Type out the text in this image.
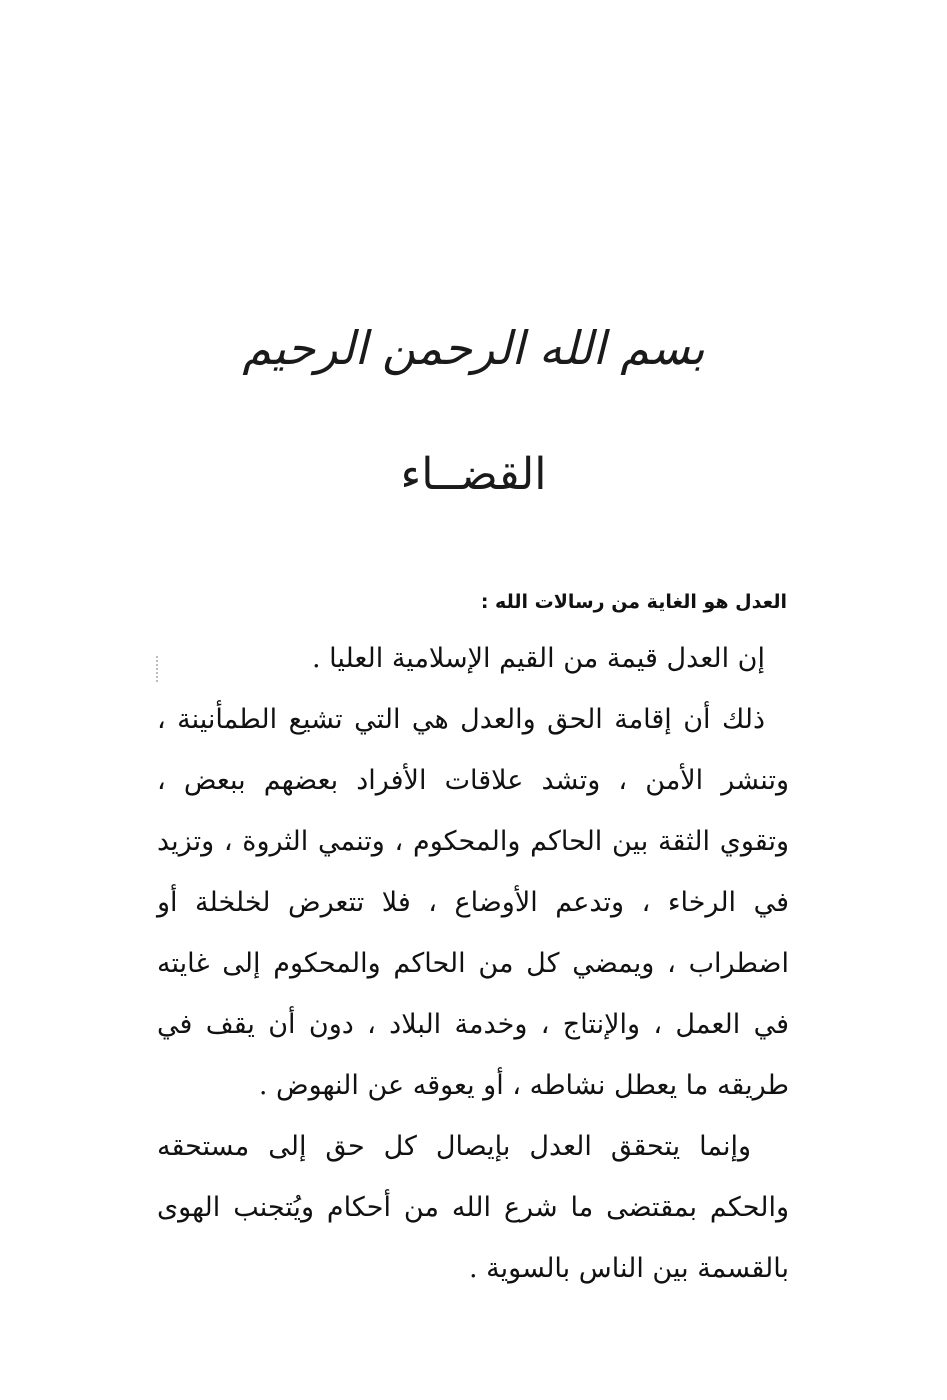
بسم الله الرحمن الرحيم
القضــاء
العدل هو الغاية من رسالات الله :

إن العدل قيمة من القيم الإسلامية العليا .

ذلك أن إقامة الحق والعدل هي التي تشيع الطمأنينة ، وتنشر الأمن ، وتشد علاقات الأفراد بعضهم ببعض ، وتقوي الثقة بين الحاكم والمحكوم ، وتنمي الثروة ، وتزيد في الرخاء ، وتدعم الأوضاع ، فلا تتعرض لخلخلة أو اضطراب ، ويمضي كل من الحاكم والمحكوم إلى غايته في العمل ، والإنتاج ، وخدمة البلاد ، دون أن يقف في طريقه ما يعطل نشاطه ، أو يعوقه عن النهوض .

وإنما يتحقق العدل بإيصال كل حق إلى مستحقه والحكم بمقتضى ما شرع الله من أحكام ويُتجنب الهوى بالقسمة بين الناس بالسوية .
